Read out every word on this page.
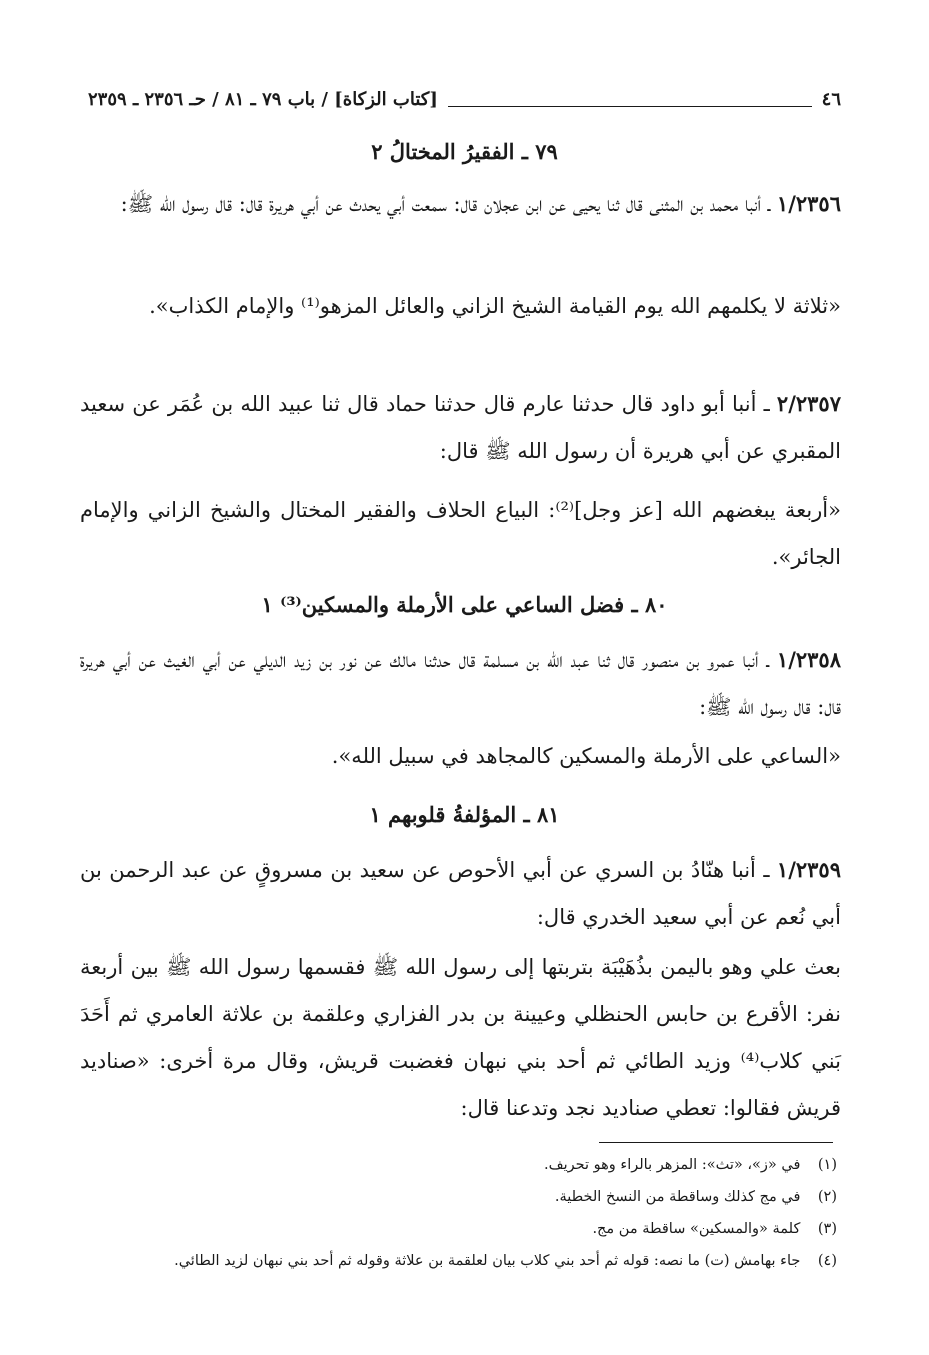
٤٦
[كتاب الزكاة] / باب ٧٩ ـ ٨١ / حـ ٢٣٥٦ ـ ٢٣٥٩
٧٩ ـ الفقيرُ المختالُ ٢
١/٢٣٥٦ ـ أنبا محمد بن المثنى قال ثنا يحيى عن ابن عجلان قال: سمعت أبي يحدث عن أبي هريرة قال: قال رسول الله ﷺ:
«ثلاثة لا يكلمهم الله يوم القيامة الشيخ الزاني والعائل المزهو⁽¹⁾ والإمام الكذاب».
٢/٢٣٥٧ ـ أنبا أبو داود قال حدثنا عارم قال حدثنا حماد قال ثنا عبيد الله بن عُمَر عن سعيد المقبري عن أبي هريرة أن رسول الله ﷺ قال:
«أربعة يبغضهم الله [عز وجل]⁽²⁾: البياع الحلاف والفقير المختال والشيخ الزاني والإمام الجائر».
٨٠ ـ فضل الساعي على الأرملة والمسكين⁽³⁾ ١
١/٢٣٥٨ ـ أنبا عمرو بن منصور قال ثنا عبد الله بن مسلمة قال حدثنا مالك عن نور بن زيد الديلي عن أبي الغيث عن أبي هريرة قال: قال رسول الله ﷺ:
«الساعي على الأرملة والمسكين كالمجاهد في سبيل الله».
٨١ ـ المؤلفةُ قلوبهم ١
١/٢٣٥٩ ـ أنبا هنّادُ بن السري عن أبي الأحوص عن سعيد بن مسروقٍ عن عبد الرحمن بن أبي نُعم عن أبي سعيد الخدري قال:
بعث علي وهو باليمن بذُهَيْبَة بتربتها إلى رسول الله ﷺ فقسمها رسول الله ﷺ بين أربعة نفر: الأقرع بن حابس الحنظلي وعيينة بن بدر الفزاري وعلقمة بن علاثة العامري ثم أَحَدَ بَني كلاب⁽⁴⁾ وزيد الطائي ثم أحد بني نبهان فغضبت قريش، وقال مرة أخرى: «صناديد قريش فقالوا: تعطي صناديد نجد وتدعنا قال:
(١) في «ز»، «تث»: المزهر بالراء وهو تحريف.
(٢) في مج كذلك وساقطة من النسخ الخطية.
(٣) كلمة «والمسكين» ساقطة من مج.
(٤) جاء بهامش (ت) ما نصه: قوله ثم أحد بني كلاب بيان لعلقمة بن علاثة وقوله ثم أحد بني نبهان لزيد الطائي.
